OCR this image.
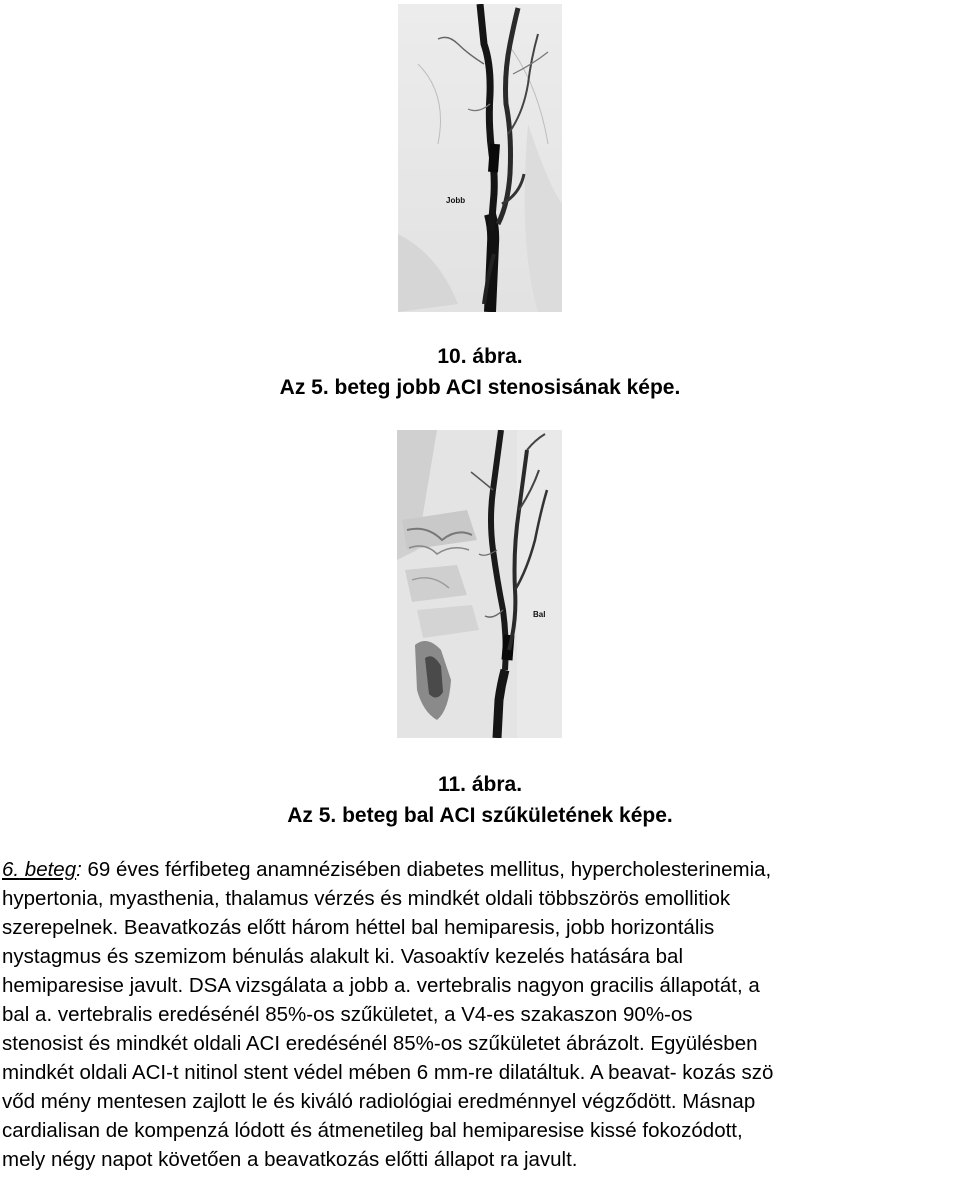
Jobb
10. ábra.
Az 5. beteg jobb ACI stenosisának képe.
Bal
11. ábra.
Az 5. beteg bal ACI szűkületének képe.
6. beteg: 69 éves férfibeteg anamnézisében diabetes mellitus, hypercholesterinemia,
hypertonia, myasthenia, thalamus vérzés és mindkét oldali többszörös emollitiok
szerepelnek. Beavatkozás előtt három héttel bal hemiparesis, jobb horizontális
nystagmus és szemizom bénulás alakult ki. Vasoaktív kezelés hatására bal
hemiparesise javult. DSA vizsgálata a jobb a. vertebralis nagyon gracilis állapotát, a
bal a. vertebralis eredésénél 85%-os szűkületet, a V4-es szakaszon 90%-os
stenosist és mindkét oldali ACI eredésénél 85%-os szűkületet ábrázolt. Együlésben
mindkét oldali ACI-t nitinol stent védel mében 6 mm-re dilatáltuk. A beavat- kozás szö
vőd mény mentesen zajlott le és kiváló radiológiai eredménnyel végződött. Másnap
cardialisan de kompenzá lódott és átmenetileg bal hemiparesise kissé fokozódott,
mely négy napot követően a beavatkozás előtti állapot ra javult.
